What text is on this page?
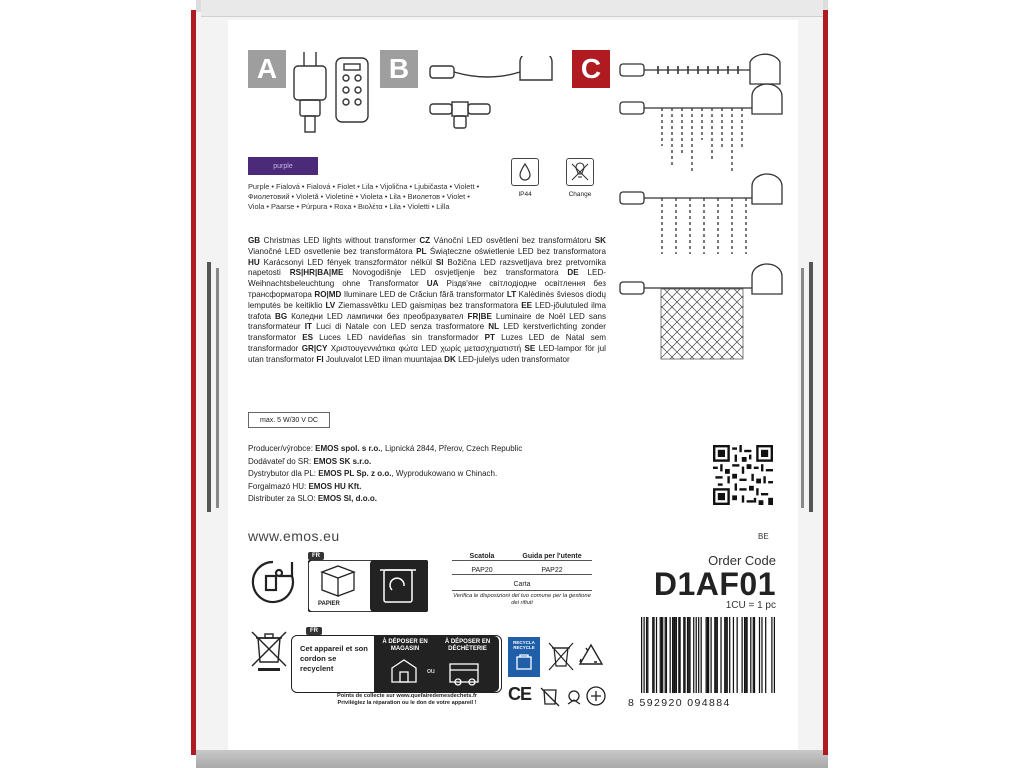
A	B	C
purple
Purple • Fialová • Fialová • Fiolet • Lila • Vijolična • Ljubičasta • Violett • Фиолетовий • Violetă • Violetinė • Violeta • Lila • Виолетов • Violet • Viola • Paarse • Púrpura • Roxa • Βιολέτα • Lila • Violetti • Lilla
IP44	Change
GB Christmas LED lights without transformer CZ Vánoční LED osvětlení bez transformátoru SK Vianočné LED osvetlenie bez transformátora PL Świąteczne oświetlenie LED bez transformatora HU Karácsonyi LED fények transzformátor nélkül SI Božična LED razsvetljava brez pretvornika napetosti RS|HR|BA|ME Novogodišnje LED osvjetljenje bez transformatora DE LED-Weihnachtsbeleuchtung ohne Transformator UA Різдв'яне світлодіодне освітлення без трансформатора RO|MD Iluminare LED de Crăciun fără transformator LT Kalėdinės šviesos diodų lemputės be keitiklio LV Ziemassvētku LED gaismiņas bez transformatora EE LED-jõulutuled ilma trafota BG Коледни LED лампички без преобразувател FR|BE Luminaire de Noël LED sans transformateur IT Luci di Natale con LED senza trasformatore NL LED kerstverlichting zonder transformator ES Luces LED navideñas sin transformador PT Luzes LED de Natal sem transformador GR|CY Χριστουγεννιάτικα φώτα LED χωρίς μετασχηματιστή SE LED-lampor för jul utan transformator FI Jouluvalot LED ilman muuntajaa DK LED-julelys uden transformator
max. 5 W/30 V DC
Producer/výrobce: EMOS spol. s r.o., Lipnická 2844, Přerov, Czech Republic
Dodávateľ do SR: EMOS SK s.r.o.
Dystrybutor dla PL: EMOS PL Sp. z o.o., Wyprodukowano w Chinach.
Forgalmazó HU: EMOS HU Kft.
Distributer za SLO: EMOS SI, d.o.o.
www.emos.eu	BE
Order Code
D1AF01
1CU = 1 pc
FR
PAPIER
Scatola	Guida per l'utente
PAP20	PAP22
Carta
Verifica le disposizioni del tuo comune per la gestione dei rifiuti
FR
Cet appareil et son cordon se recyclent
À DÉPOSER EN MAGASIN
À DÉPOSER EN DÉCHÈTERIE
ou
Points de collecte sur www.quefairedemesdechets.fr
Privilégiez la réparation ou le don de votre appareil !
RECYCLA RECYCLE
CE	8 592920 094884
